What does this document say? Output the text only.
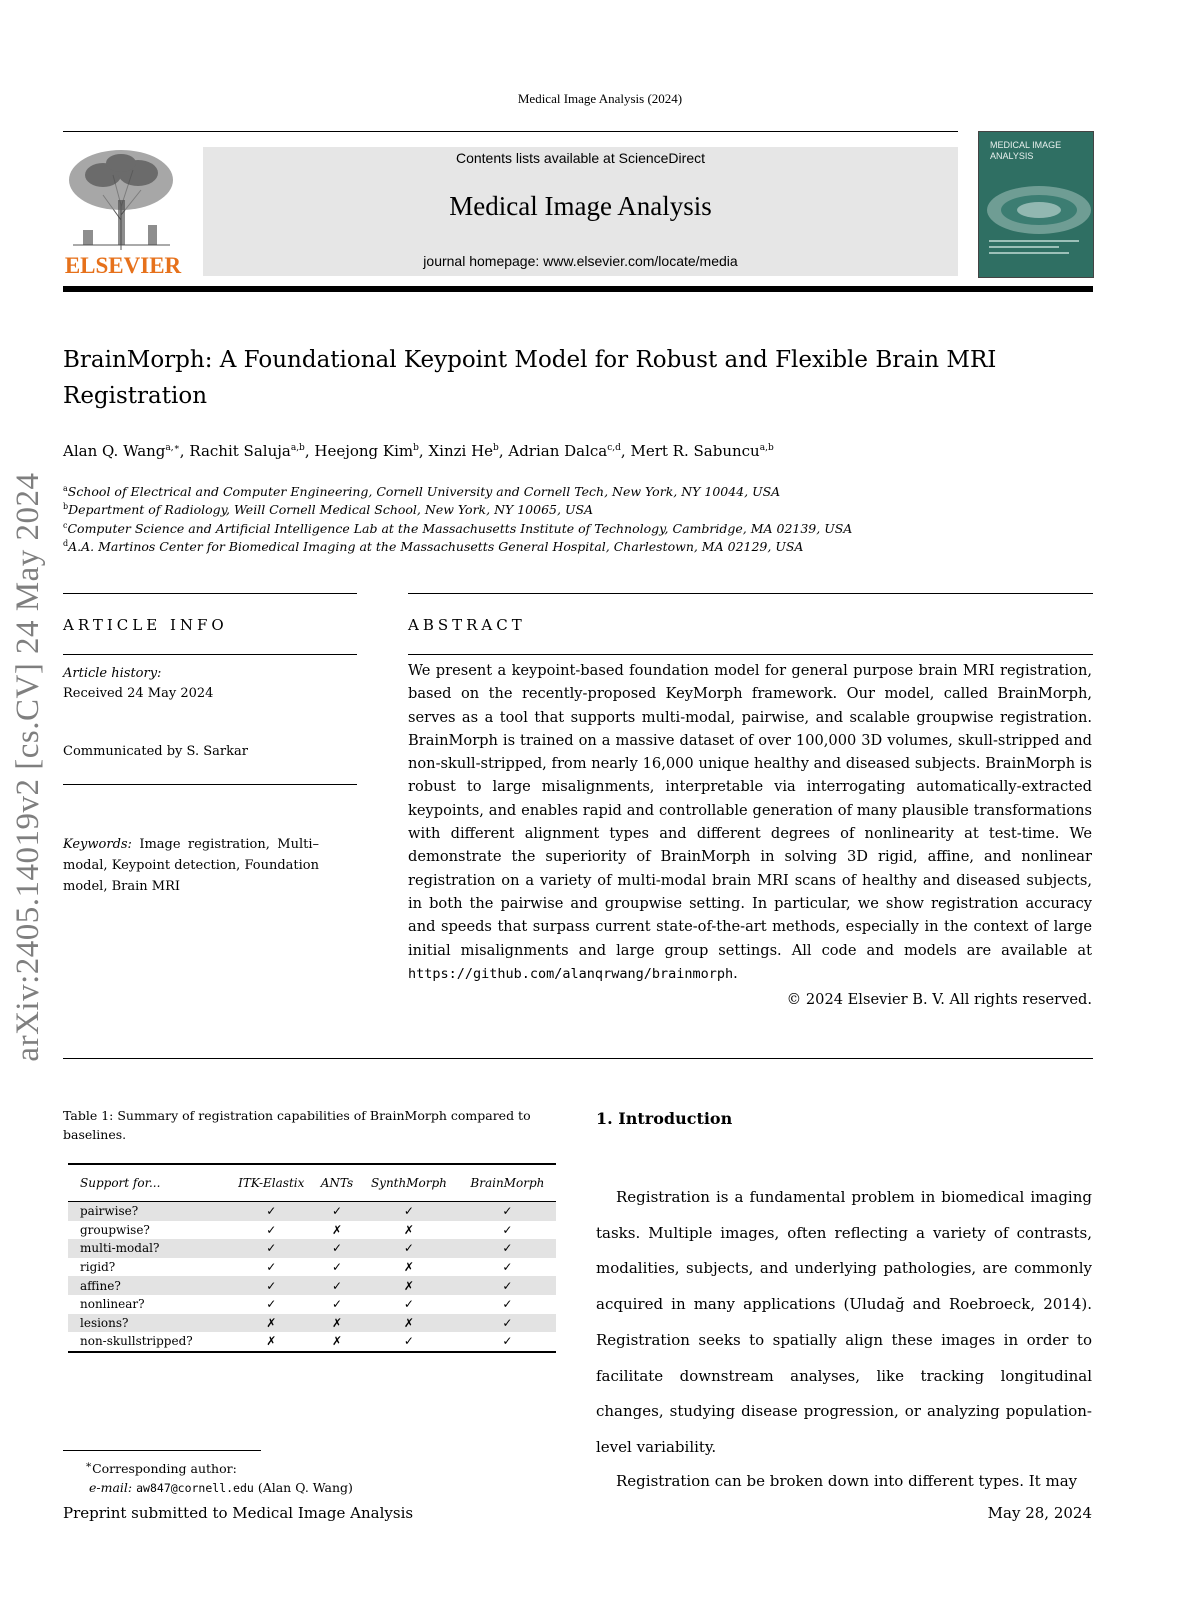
arXiv:2405.14019v2 [cs.CV] 24 May 2024
Medical Image Analysis (2024)
ELSEVIER
Contents lists available at ScienceDirect
Medical Image Analysis
journal homepage: www.elsevier.com/locate/media
MEDICAL IMAGE ANALYSIS
BrainMorph: A Foundational Keypoint Model for Robust and Flexible Brain MRI Registration
Alan Q. Wang$^{a,∗}$, Rachit Saluja$^{a,b}$, Heejong Kim$^b$, Xinzi He$^b$, Adrian Dalca$^{c,d}$, Mert R. Sabuncu$^{a,b}$
$^a$School of Electrical and Computer Engineering, Cornell University and Cornell Tech, New York, NY 10044, USA
$^b$Department of Radiology, Weill Cornell Medical School, New York, NY 10065, USA
$^c$Computer Science and Artificial Intelligence Lab at the Massachusetts Institute of Technology, Cambridge, MA 02139, USA
$^d$A.A. Martinos Center for Biomedical Imaging at the Massachusetts General Hospital, Charlestown, MA 02129, USA
ARTICLE INFO
Article history:
Received 24 May 2024
Communicated by S. Sarkar
Keywords: Image registration, Multi–modal, Keypoint detection, Foundation model, Brain MRI
ABSTRACT
We present a keypoint-based foundation model for general purpose brain MRI registration, based on the recently-proposed KeyMorph framework. Our model, called BrainMorph, serves as a tool that supports multi-modal, pairwise, and scalable groupwise registration. BrainMorph is trained on a massive dataset of over 100,000 3D volumes, skull-stripped and non-skull-stripped, from nearly 16,000 unique healthy and diseased subjects. BrainMorph is robust to large misalignments, interpretable via interrogating automatically-extracted keypoints, and enables rapid and controllable generation of many plausible transformations with different alignment types and different degrees of nonlinearity at test-time. We demonstrate the superiority of BrainMorph in solving 3D rigid, affine, and nonlinear registration on a variety of multi-modal brain MRI scans of healthy and diseased subjects, in both the pairwise and groupwise setting. In particular, we show registration accuracy and speeds that surpass current state-of-the-art methods, especially in the context of large initial misalignments and large group settings. All code and models are available at https://github.com/alanqrwang/brainmorph.
© 2024 Elsevier B. V. All rights reserved.
Table 1: Summary of registration capabilities of BrainMorph compared to baselines.
Support for...	ITK-Elastix	ANTs	SynthMorph	BrainMorph
pairwise?	✓	✓	✓	✓
groupwise?	✓	✗	✗	✓
multi-modal?	✓	✓	✓	✓
rigid?	✓	✓	✗	✓
affine?	✓	✓	✗	✓
nonlinear?	✓	✓	✓	✓
lesions?	✗	✗	✗	✓
non-skullstripped?	✗	✗	✓	✓
1. Introduction
Registration is a fundamental problem in biomedical imaging tasks. Multiple images, often reflecting a variety of contrasts, modalities, subjects, and underlying pathologies, are commonly acquired in many applications (Uludağ and Roebroeck, 2014). Registration seeks to spatially align these images in order to facilitate downstream analyses, like tracking longitudinal changes, studying disease progression, or analyzing population-level variability.
Registration can be broken down into different types. It may
∗Corresponding author:
e-mail: aw847@cornell.edu (Alan Q. Wang)
Preprint submitted to Medical Image Analysis	May 28, 2024
